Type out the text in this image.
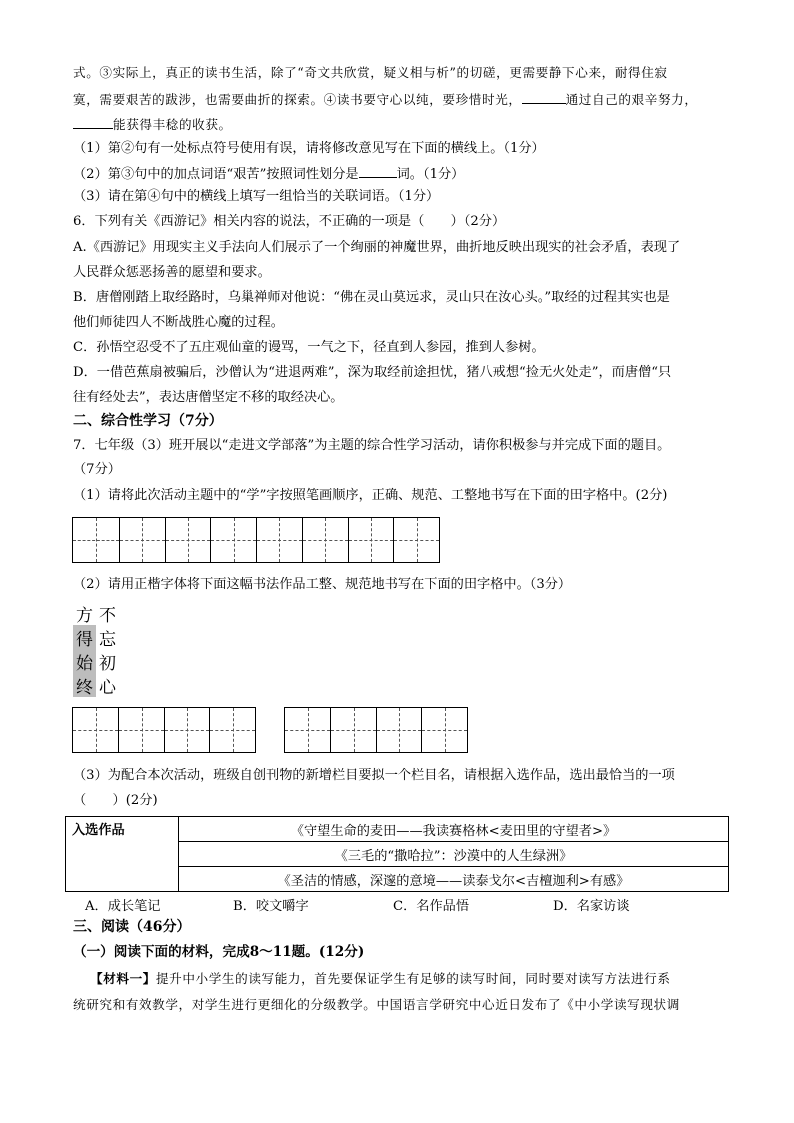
式。③实际上，真正的读书生活，除了“奇文共欣赏，疑义相与析”的切磋，更需要静下心来，耐得住寂
寞，需要艰苦的跋涉，也需要曲折的探索。④读书要守心以纯，要珍惜时光，	通过自己的艰辛努力，
能获得丰稔的收获。
（1）第②句有一处标点符号使用有误，请将修改意见写在下面的横线上。（1分）
（2）第③句中的加点词语“艰苦”按照词性划分是	词。（1分）
（3）请在第④句中的横线上填写一组恰当的关联词语。（1分）
6．下列有关《西游记》相关内容的说法，不正确的一项是（　　）（2分）
A.《西游记》用现实主义手法向人们展示了一个绚丽的神魔世界，曲折地反映出现实的社会矛盾，表现了
人民群众惩恶扬善的愿望和要求。
B．唐僧刚踏上取经路时，乌巢禅师对他说：“佛在灵山莫远求，灵山只在汝心头。”取经的过程其实也是
他们师徒四人不断战胜心魔的过程。
C．孙悟空忍受不了五庄观仙童的谩骂，一气之下，径直到人参园，推到人参树。
D．一借芭蕉扇被骗后，沙僧认为“进退两难”，深为取经前途担忧，猪八戒想“捡无火处走”，而唐僧“只
往有经处去”，表达唐僧坚定不移的取经决心。
二、综合性学习（7分）
7．七年级（3）班开展以“走进文学部落”为主题的综合性学习活动，请你积极参与并完成下面的题目。
（7分）
（1）请将此次活动主题中的“学”字按照笔画顺序，正确、规范、工整地书写在下面的田字格中。(2分)
（2）请用正楷字体将下面这幅书法作品工整、规范地书写在下面的田字格中。（3分）
方 不
得 忘
始 初
终 心
（3）为配合本次活动，班级自创刊物的新增栏目要拟一个栏目名，请根据入选作品，选出最恰当的一项
（　　）(2分)
入选作品	《守望生命的麦田——我读赛格林<麦田里的守望者>》
《三毛的“撒哈拉”：沙漠中的人生绿洲》
《圣洁的情感，深邃的意境——读泰戈尔<吉檀迦利>有感》
A．成长笔记	B．咬文嚼字	C．名作品悟	D．名家访谈
三、阅读（46分）
（一）阅读下面的材料，完成8～11题。(12分)
【材料一】提升中小学生的读写能力，首先要保证学生有足够的读写时间，同时要对读写方法进行系
统研究和有效教学，对学生进行更细化的分级教学。中国语言学研究中心近日发布了《中小学读写现状调
